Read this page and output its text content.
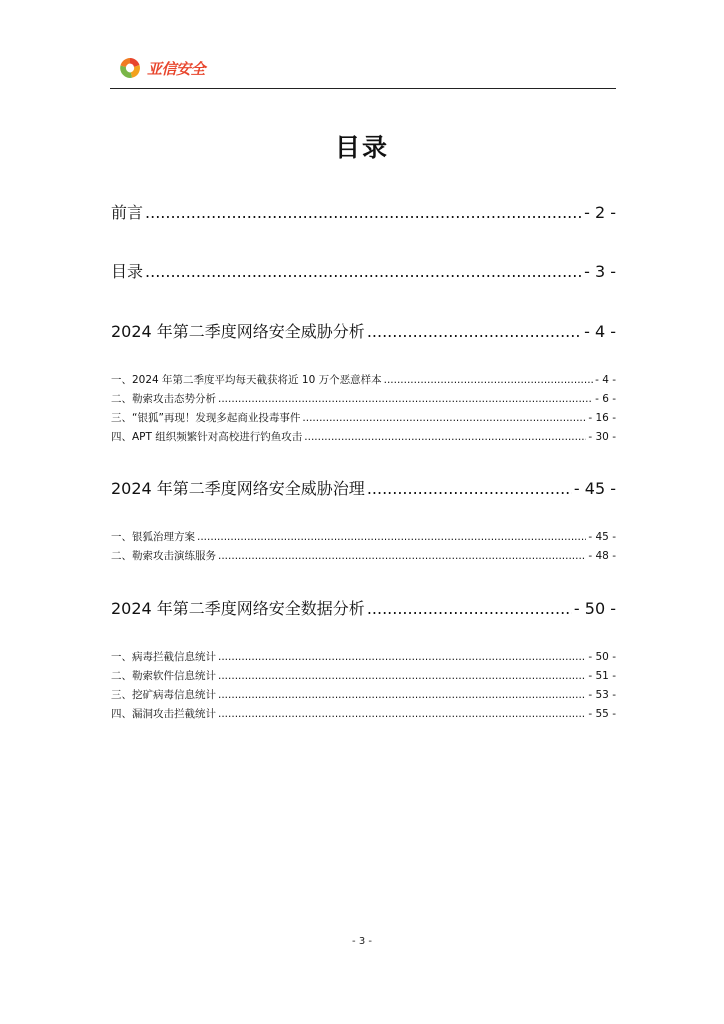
亚信安全
目录
前言 .....	- 2 -
目录 .....	- 3 -
2024 年第二季度网络安全威胁分析 .....	- 4 -
一、2024 年第二季度平均每天截获将近 10 万个恶意样本 .....	- 4 -
二、勒索攻击态势分析 .....	- 6 -
三、“银狐”再现！发现多起商业投毒事件 .....	- 16 -
四、APT 组织频繁针对高校进行钓鱼攻击 .....	- 30 -
2024 年第二季度网络安全威胁治理 .....	- 45 -
一、银狐治理方案 .....	- 45 -
二、勒索攻击演练服务 .....	- 48 -
2024 年第二季度网络安全数据分析 .....	- 50 -
一、病毒拦截信息统计 .....	- 50 -
二、勒索软件信息统计 .....	- 51 -
三、挖矿病毒信息统计 .....	- 53 -
四、漏洞攻击拦截统计 .....	- 55 -
- 3 -
